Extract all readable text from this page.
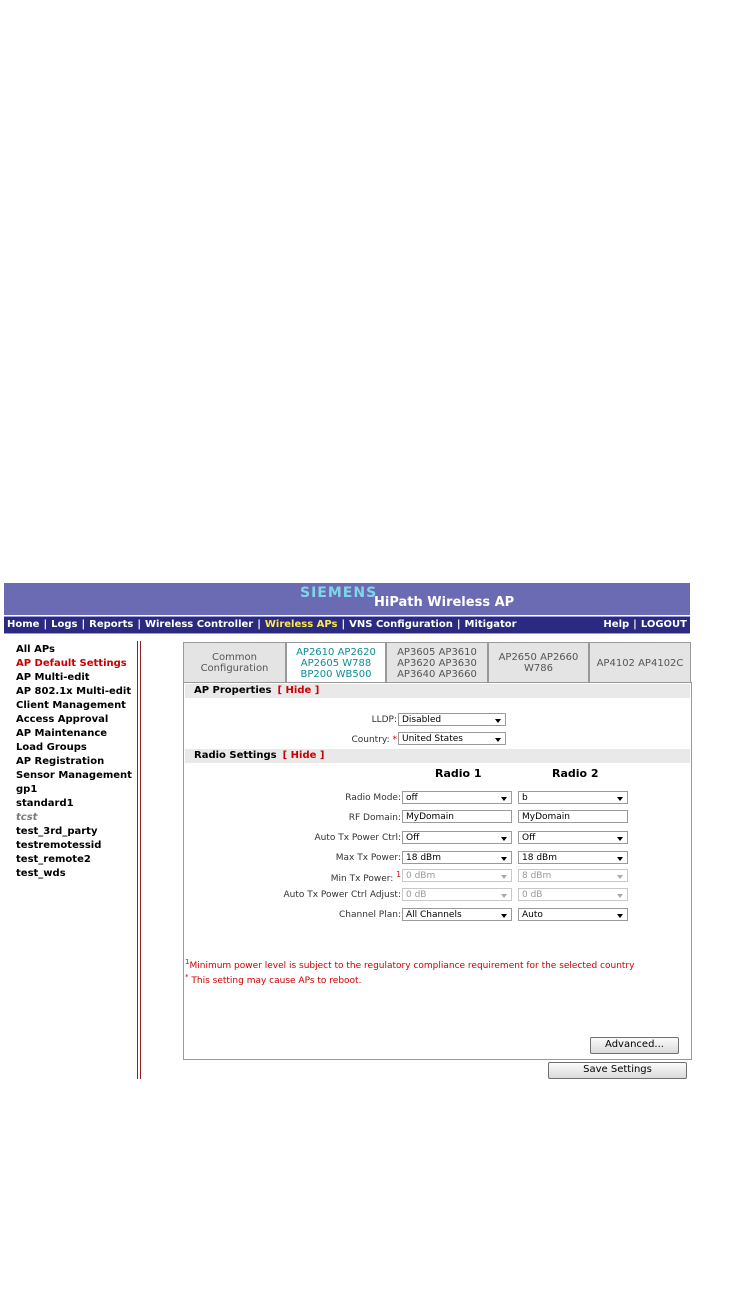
SIEMENS
HiPath Wireless AP
Home | Logs | Reports | Wireless Controller | Wireless APs | VNS Configuration | Mitigator	Help | LOGOUT
All APs
AP Default Settings
AP Multi-edit
AP 802.1x Multi-edit
Client Management
Access Approval
AP Maintenance
Load Groups
AP Registration
Sensor Management
gp1
standard1
tcst
test_3rd_party
testremotessid
test_remote2
test_wds
Common
Configuration
AP2610 AP2620
AP2605 W788
BP200 WB500
AP3605 AP3610
AP3620 AP3630
AP3640 AP3660
AP2650 AP2660
W786	AP4102 AP4102C
AP Properties [ Hide ]
LLDP: Disabled
Country: * United States
Radio Settings [ Hide ]
Radio 1	Radio 2
Radio Mode: off	b
RF Domain: MyDomain	MyDomain
Auto Tx Power Ctrl: Off	Off
Max Tx Power: 18 dBm	18 dBm
Min Tx Power: $^1$ 0 dBm	8 dBm
Auto Tx Power Ctrl Adjust: 0 dB	0 dB
Channel Plan: All Channels	Auto
$^1$Minimum power level is subject to the regulatory compliance requirement for the selected country
* This setting may cause APs to reboot.
Advanced...
Save Settings
